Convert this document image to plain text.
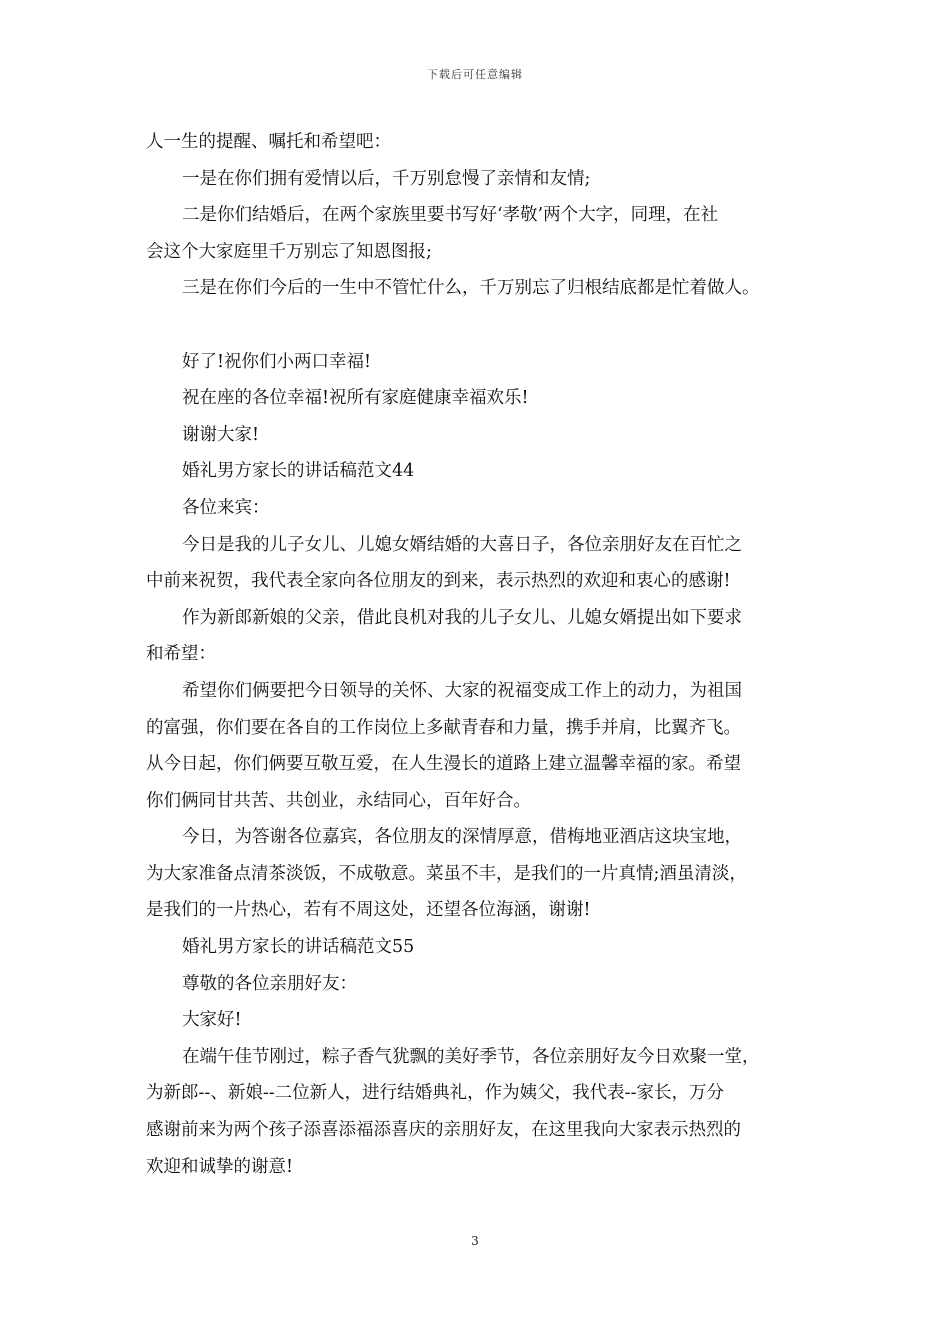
下载后可任意编辑

人一生的提醒、嘱托和希望吧：

一是在你们拥有爱情以后，千万别怠慢了亲情和友情;

二是你们结婚后，在两个家族里要书写好‘孝敬’两个大字，同理，在社

会这个大家庭里千万别忘了知恩图报;

三是在你们今后的一生中不管忙什么，千万别忘了归根结底都是忙着做人。

好了!祝你们小两口幸福!

祝在座的各位幸福!祝所有家庭健康幸福欢乐!

谢谢大家!

婚礼男方家长的讲话稿范文44

各位来宾：

今日是我的儿子女儿、儿媳女婿结婚的大喜日子，各位亲朋好友在百忙之

中前来祝贺，我代表全家向各位朋友的到来，表示热烈的欢迎和衷心的感谢!

作为新郎新娘的父亲，借此良机对我的儿子女儿、儿媳女婿提出如下要求

和希望：

希望你们俩要把今日领导的关怀、大家的祝福变成工作上的动力，为祖国

的富强，你们要在各自的工作岗位上多献青春和力量，携手并肩，比翼齐飞。

从今日起，你们俩要互敬互爱，在人生漫长的道路上建立温馨幸福的家。希望

你们俩同甘共苦、共创业，永结同心，百年好合。

今日，为答谢各位嘉宾，各位朋友的深情厚意，借梅地亚酒店这块宝地，

为大家准备点清茶淡饭，不成敬意。菜虽不丰，是我们的一片真情;酒虽清淡，

是我们的一片热心，若有不周这处，还望各位海涵，谢谢!

婚礼男方家长的讲话稿范文55

尊敬的各位亲朋好友：

大家好!

在端午佳节刚过，粽子香气犹飘的美好季节，各位亲朋好友今日欢聚一堂，

为新郎--、新娘--二位新人，进行结婚典礼，作为姨父，我代表--家长，万分

感谢前来为两个孩子添喜添福添喜庆的亲朋好友，在这里我向大家表示热烈的

欢迎和诚挚的谢意!

3
